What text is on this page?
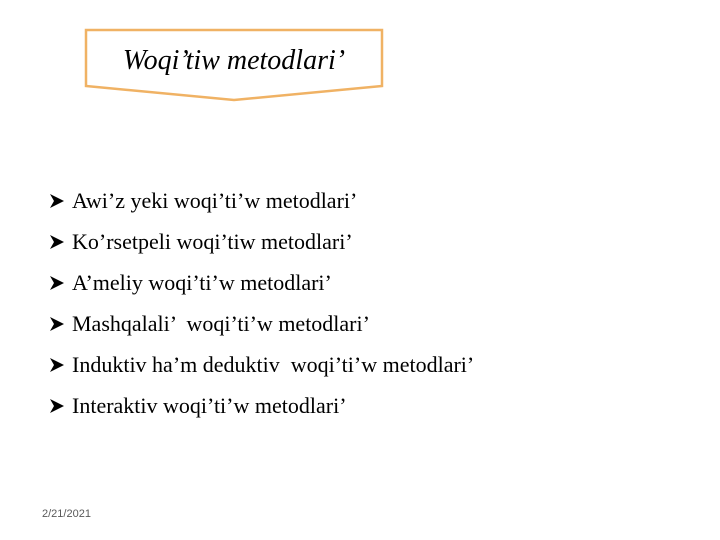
Woqi’tiw metodlari’
Awi’z yeki woqi’ti’w metodlari’
Ko’rsetpeli woqi’tiw metodlari’
A’meliy woqi’ti’w metodlari’
Mashqalali’  woqi’ti’w metodlari’
Induktiv ha’m deduktiv  woqi’ti’w metodlari’
Interaktiv woqi’ti’w metodlari’
2/21/2021
